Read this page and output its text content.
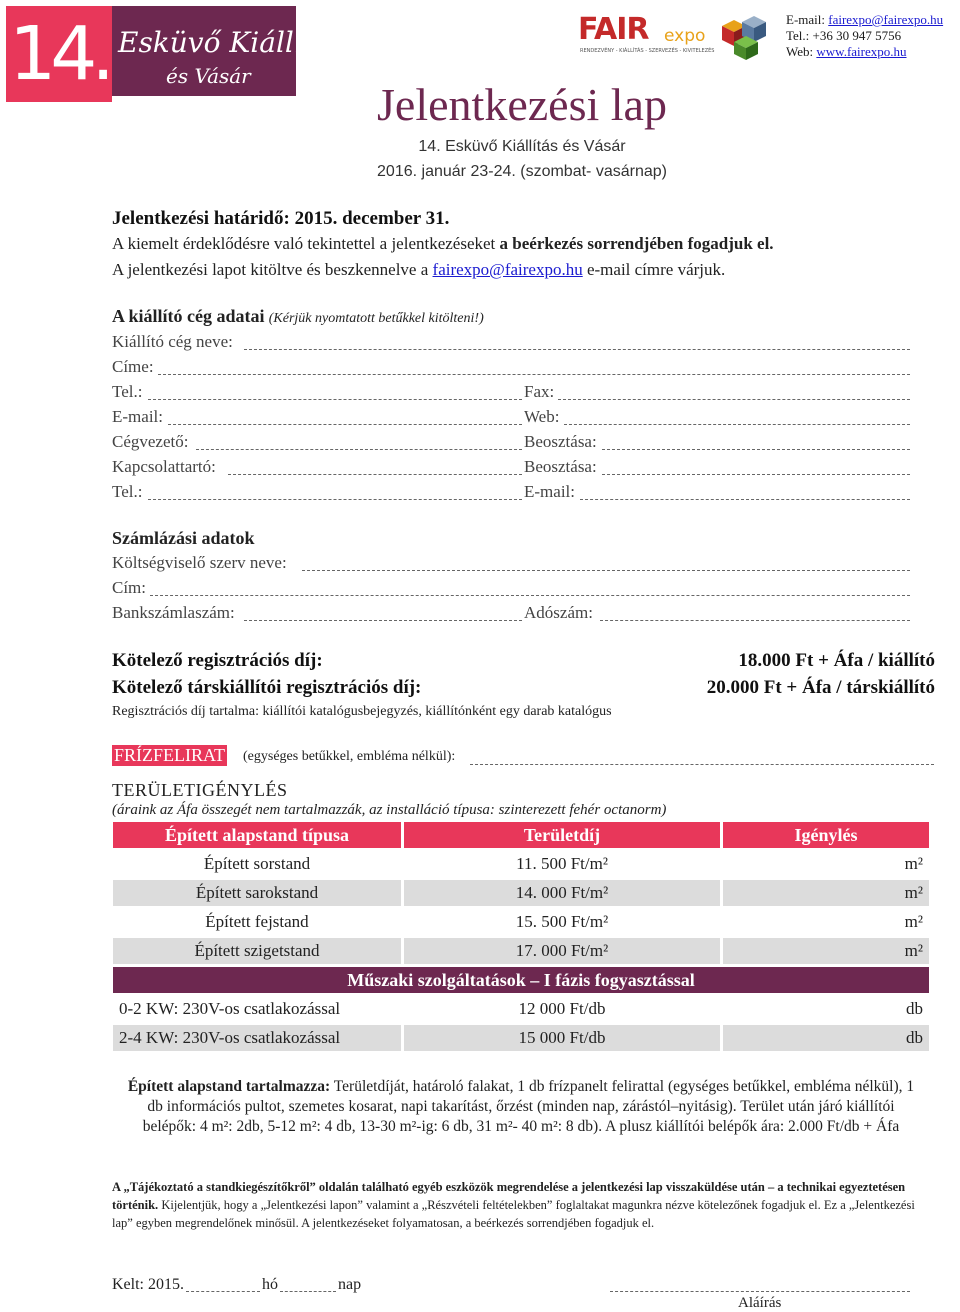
14. Esküvő Kiállítás
és Vásár
FAIR expo
RENDEZVÉNY - KIÁLLÍTÁS - SZERVEZÉS - KIVITELEZÉS
E-mail: fairexpo@fairexpo.hu
Tel.: +36 30 947 5756
Web: www.fairexpo.hu
Jelentkezési lap
14. Esküvő Kiállítás és Vásár
2016. január 23-24. (szombat- vasárnap)
Jelentkezési határidő: 2015. december 31.
A kiemelt érdeklődésre való tekintettel a jelentkezéseket a beérkezés sorrendjében fogadjuk el.
A jelentkezési lapot kitöltve és beszkennelve a fairexpo@fairexpo.hu e-mail címre várjuk.
A kiállító cég adatai (Kérjük nyomtatott betűkkel kitölteni!)
Kiállító cég neve:
Címe:
Tel.:	Fax:
E-mail:	Web:
Cégvezető:	Beosztása:
Kapcsolattartó:	Beosztása:
Tel.:	E-mail:
Számlázási adatok
Költségviselő szerv neve:
Cím:
Bankszámlaszám:	Adószám:
Kötelező regisztrációs díj:	18.000 Ft + Áfa / kiállító
Kötelező társkiállítói regisztrációs díj:	20.000 Ft + Áfa / társkiállító
Regisztrációs díj tartalma: kiállítói katalógusbejegyzés, kiállítónként egy darab katalógus
FRÍZFELIRAT (egységes betűkkel, embléma nélkül):
TERÜLETIGÉNYLÉS
(áraink az Áfa összegét nem tartalmazzák, az installáció típusa: szinterezett fehér octanorm)
Épített alapstand típusa	Területdíj	Igénylés
Épített sorstand	11. 500 Ft/m²	m²
Épített sarokstand	14. 000 Ft/m²	m²
Épített fejstand	15. 500 Ft/m²	m²
Épített szigetstand	17. 000 Ft/m²	m²
Műszaki szolgáltatások – I fázis fogyasztással		
0-2 KW: 230V-os csatlakozással	12 000 Ft/db	db
2-4 KW: 230V-os csatlakozással	15 000 Ft/db	db
Épített alapstand tartalmazza: Területdíját, határoló falakat, 1 db frízpanelt felirattal (egységes betűkkel, embléma nélkül), 1 db információs pultot, szemetes kosarat, napi takarítást, őrzést (minden nap, zárástól–nyitásig). Terület után járó kiállítói belépők: 4 m²: 2db, 5-12 m²: 4 db, 13-30 m²-ig: 6 db, 31 m²- 40 m²: 8 db). A plusz kiállítói belépők ára: 2.000 Ft/db + Áfa
A „Tájékoztató a standkiegészítőkről” oldalán található egyéb eszközök megrendelése a jelentkezési lap visszaküldése után – a technikai egyeztetésen történik. Kijelentjük, hogy a „Jelentkezési lapon” valamint a „Részvételi feltételekben” foglaltakat magunkra nézve kötelezőnek fogadjuk el. Ez a „Jelentkezési lap” egyben megrendelőnek minősül. A jelentkezéseket folyamatosan, a beérkezés sorrendjében fogadjuk el.
Kelt: 2015.	hó	nap
Aláírás
